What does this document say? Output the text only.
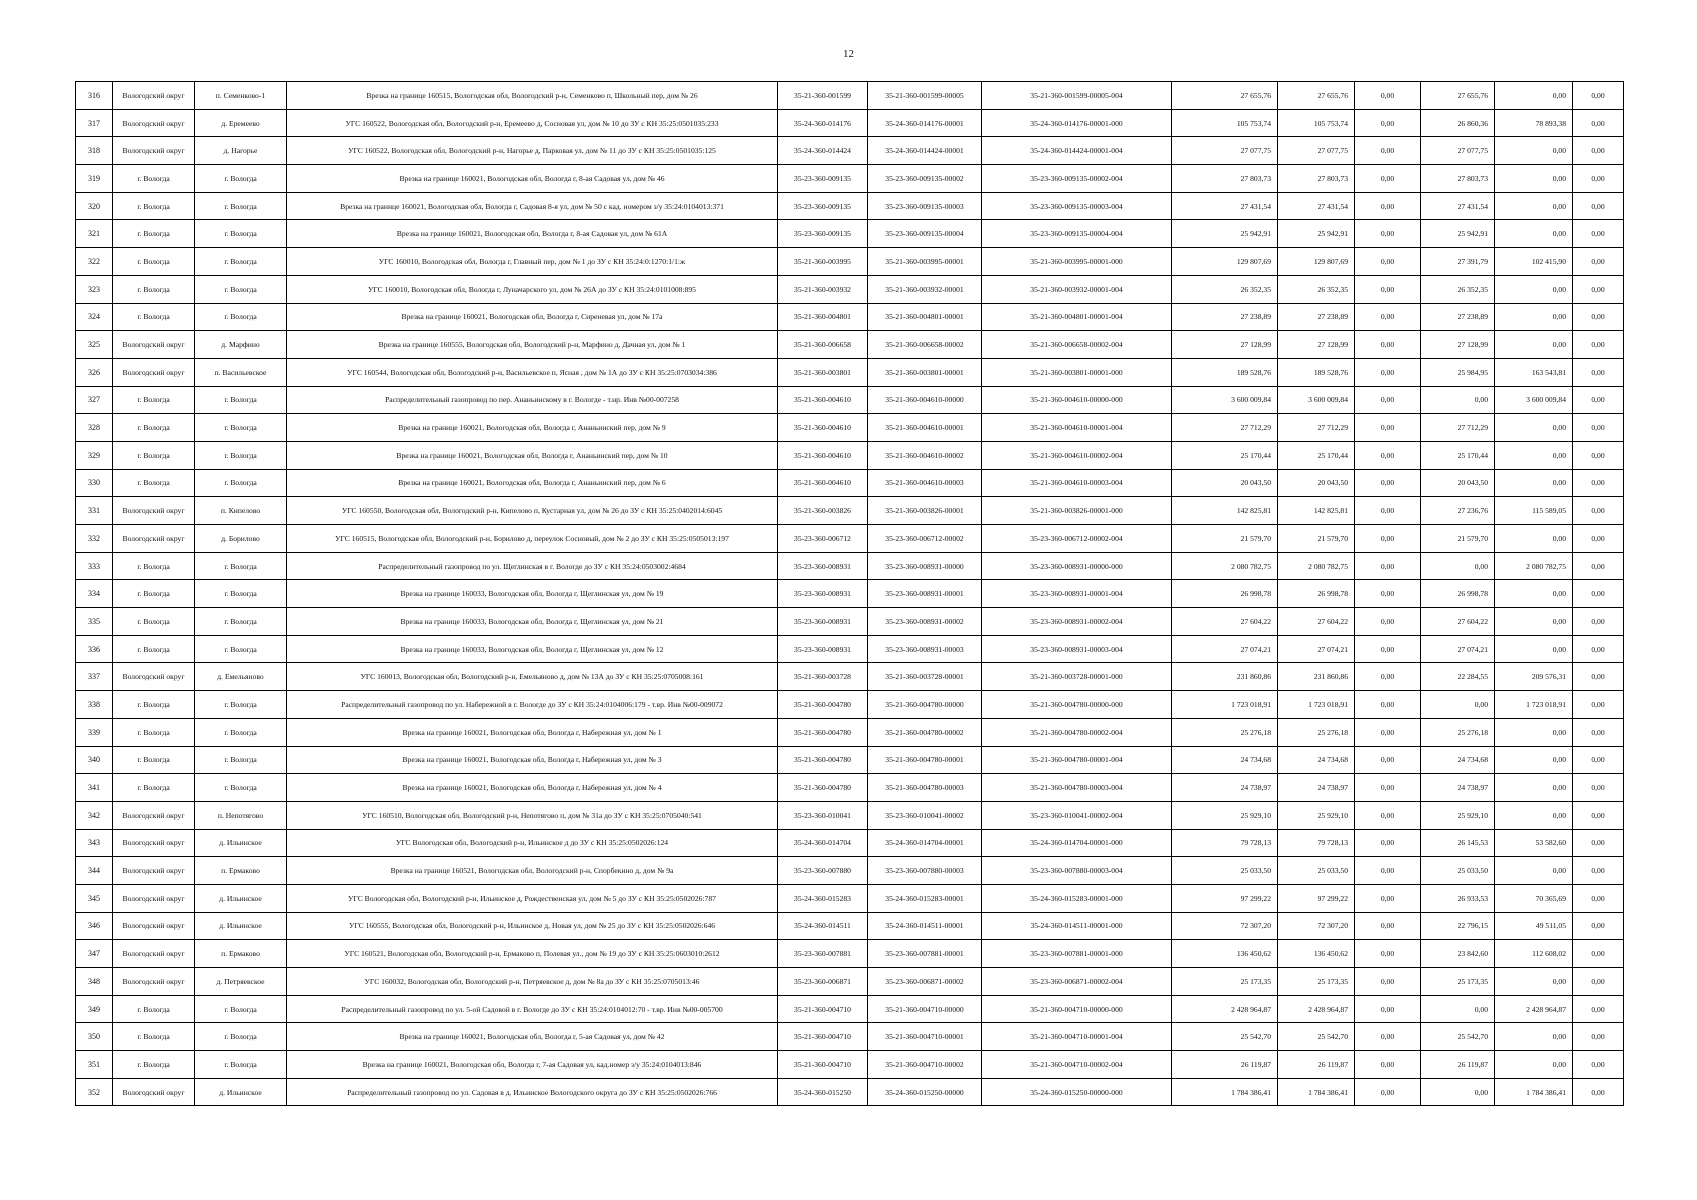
12
316	Вологодский округ	п. Семенково-1	Врезка на границе 160515, Вологодская обл, Вологодский р-н, Семенково п, Школьный пер, дом № 26	35-21-360-001599	35-21-360-001599-00005	35-21-360-001599-00005-004	27 655,76	27 655,76	0,00	27 655,76	0,00	0,00
317	Вологодский округ	д. Еремеево	УГС 160522, Вологодская обл, Вологодский р-н, Еремеево д, Сосновая ул, дом № 10 до ЗУ с КН 35:25:0501035:233	35-24-360-014176	35-24-360-014176-00001	35-24-360-014176-00001-000	105 753,74	105 753,74	0,00	26 860,36	78 893,38	0,00
318	Вологодский округ	д. Нагорье	УГС 160522, Вологодская обл, Вологодский р-н, Нагорье д, Парковая ул, дом № 11 до ЗУ с КН 35:25:0501035:125	35-24-360-014424	35-24-360-014424-00001	35-24-360-014424-00001-004	27 077,75	27 077,75	0,00	27 077,75	0,00	0,00
319	г. Вологда	г. Вологда	Врезка на границе 160021, Вологодская обл, Вологда г, 8-ая Садовая ул, дом № 46	35-23-360-009135	35-23-360-009135-00002	35-23-360-009135-00002-004	27 803,73	27 803,73	0,00	27 803,73	0,00	0,00
320	г. Вологда	г. Вологда	Врезка на границе 160021, Вологодская обл, Вологда г, Садовая 8-я ул, дом № 50 с кад. номером з/у 35:24:0104013:371	35-23-360-009135	35-23-360-009135-00003	35-23-360-009135-00003-004	27 431,54	27 431,54	0,00	27 431,54	0,00	0,00
321	г. Вологда	г. Вологда	Врезка на границе 160021, Вологодская обл, Вологда г, 8-ая Садовая ул, дом № 61А	35-23-360-009135	35-23-360-009135-00004	35-23-360-009135-00004-004	25 942,91	25 942,91	0,00	25 942,91	0,00	0,00
322	г. Вологда	г. Вологда	УГС 160010, Вологодская обл, Вологда г, Главный пер, дом № 1 до ЗУ с КН 35:24:0:1270:1/1:ж	35-21-360-003995	35-21-360-003995-00001	35-21-360-003995-00001-000	129 807,69	129 807,69	0,00	27 391,79	102 415,90	0,00
323	г. Вологда	г. Вологда	УГС 160010, Вологодская обл, Вологда г, Луначарского ул, дом № 26А до ЗУ с КН 35:24:0101008:895	35-21-360-003932	35-21-360-003932-00001	35-21-360-003932-00001-004	26 352,35	26 352,35	0,00	26 352,35	0,00	0,00
324	г. Вологда	г. Вологда	Врезка на границе 160021, Вологодская обл, Вологда г, Сиреневая ул, дом № 17а	35-21-360-004801	35-21-360-004801-00001	35-21-360-004801-00001-004	27 238,89	27 238,89	0,00	27 238,89	0,00	0,00
325	Вологодский округ	д. Марфино	Врезка на границе 160555, Вологодская обл, Вологодский р-н, Марфино д, Дачная ул, дом № 1	35-21-360-006658	35-21-360-006658-00002	35-21-360-006658-00002-004	27 128,99	27 128,99	0,00	27 128,99	0,00	0,00
326	Вологодский округ	п. Васильевское	УГС 160544, Вологодская обл, Вологодский р-н, Васильевское п, Ясная , дом № 1А до ЗУ с КН 35:25:0703034:386	35-21-360-003801	35-21-360-003801-00001	35-21-360-003801-00001-000	189 528,76	189 528,76	0,00	25 984,95	163 543,81	0,00
327	г. Вологда	г. Вологда	Распределительный газопровод по пер. Ананьинскому в г. Вологде - т.нр. Инв №00-007258	35-21-360-004610	35-21-360-004610-00000	35-21-360-004610-00000-000	3 600 009,84	3 600 009,84	0,00	0,00	3 600 009,84	0,00
328	г. Вологда	г. Вологда	Врезка на границе 160021, Вологодская обл, Вологда г, Ананьинский пер, дом № 9	35-21-360-004610	35-21-360-004610-00001	35-21-360-004610-00001-004	27 712,29	27 712,29	0,00	27 712,29	0,00	0,00
329	г. Вологда	г. Вологда	Врезка на границе 160021, Вологодская обл, Вологда г, Ананьинский пер, дом № 10	35-21-360-004610	35-21-360-004610-00002	35-21-360-004610-00002-004	25 170,44	25 170,44	0,00	25 170,44	0,00	0,00
330	г. Вологда	г. Вологда	Врезка на границе 160021, Вологодская обл, Вологда г, Ананьинский пер, дом № 6	35-21-360-004610	35-21-360-004610-00003	35-21-360-004610-00003-004	20 043,50	20 043,50	0,00	20 043,50	0,00	0,00
331	Вологодский округ	п. Кипелово	УГС 160550, Вологодская обл, Вологодский р-н, Кипелово п, Кустарная ул, дом № 26 до ЗУ с КН 35:25:0402014:6045	35-21-360-003826	35-21-360-003826-00001	35-21-360-003826-00001-000	142 825,81	142 825,81	0,00	27 236,76	115 589,05	0,00
332	Вологодский округ	д. Борилово	УГС 160515, Вологодская обл, Вологодский р-н, Борилово д, переулок Сосновый, дом № 2 до ЗУ с КН 35:25:0505013:197	35-23-360-006712	35-23-360-006712-00002	35-23-360-006712-00002-004	21 579,70	21 579,70	0,00	21 579,70	0,00	0,00
333	г. Вологда	г. Вологда	Распределительный газопровод по ул. Щеглинская в г. Вологде до ЗУ с КН 35:24:0503002:4684	35-23-360-008931	35-23-360-008931-00000	35-23-360-008931-00000-000	2 080 782,75	2 080 782,75	0,00	0,00	2 080 782,75	0,00
334	г. Вологда	г. Вологда	Врезка на границе 160033, Вологодская обл, Вологда г, Щеглинская ул, дом № 19	35-23-360-008931	35-23-360-008931-00001	35-23-360-008931-00001-004	26 998,78	26 998,78	0,00	26 998,78	0,00	0,00
335	г. Вологда	г. Вологда	Врезка на границе 160033, Вологодская обл, Вологда г, Щеглинская ул, дом № 21	35-23-360-008931	35-23-360-008931-00002	35-23-360-008931-00002-004	27 604,22	27 604,22	0,00	27 604,22	0,00	0,00
336	г. Вологда	г. Вологда	Врезка на границе 160033, Вологодская обл, Вологда г, Щеглинская ул, дом № 12	35-23-360-008931	35-23-360-008931-00003	35-23-360-008931-00003-004	27 074,21	27 074,21	0,00	27 074,21	0,00	0,00
337	Вологодский округ	д. Емельяново	УГС 160013, Вологодская обл, Вологодский р-н, Емельяново д, дом № 13А до ЗУ с КН 35:25:0705008:161	35-21-360-003728	35-21-360-003728-00001	35-21-360-003728-00001-000	231 860,86	231 860,86	0,00	22 284,55	209 576,31	0,00
338	г. Вологда	г. Вологда	Распределительный газопровод по ул. Набережной в г. Вологде до ЗУ с КН 35:24:0104006:179 - т.вр. Инв №00-009072	35-21-360-004780	35-21-360-004780-00000	35-21-360-004780-00000-000	1 723 018,91	1 723 018,91	0,00	0,00	1 723 018,91	0,00
339	г. Вологда	г. Вологда	Врезка на границе 160021, Вологодская обл, Вологда г, Набережная ул, дом № 1	35-21-360-004780	35-21-360-004780-00002	35-21-360-004780-00002-004	25 276,18	25 276,18	0,00	25 276,18	0,00	0,00
340	г. Вологда	г. Вологда	Врезка на границе 160021, Вологодская обл, Вологда г, Набережная ул, дом № 3	35-21-360-004780	35-21-360-004780-00001	35-21-360-004780-00001-004	24 734,68	24 734,68	0,00	24 734,68	0,00	0,00
341	г. Вологда	г. Вологда	Врезка на границе 160021, Вологодская обл, Вологда г, Набережная ул, дом № 4	35-21-360-004780	35-21-360-004780-00003	35-21-360-004780-00003-004	24 738,97	24 738,97	0,00	24 738,97	0,00	0,00
342	Вологодский округ	п. Непотягово	УГС 160510, Вологодская обл, Вологодский р-н, Непотягово п, дом № 31а до ЗУ с КН 35:25:0705040:541	35-23-360-010041	35-23-360-010041-00002	35-23-360-010041-00002-004	25 929,10	25 929,10	0,00	25 929,10	0,00	0,00
343	Вологодский округ	д. Ильинское	УГС Вологодская обл, Вологодский р-н, Ильинское д до ЗУ с КН 35:25:0502026:124	35-24-360-014704	35-24-360-014704-00001	35-24-360-014704-00001-000	79 728,13	79 728,13	0,00	26 145,53	53 582,60	0,00
344	Вологодский округ	п. Ермаково	Врезка на границе 160521, Вологодская обл, Вологодский р-н, Спорбекино д, дом № 9а	35-23-360-007880	35-23-360-007880-00003	35-23-360-007880-00003-004	25 033,50	25 033,50	0,00	25 033,50	0,00	0,00
345	Вологодский округ	д. Ильинское	УГС Вологодская обл, Вологодский р-н, Ильинское д, Рождественская ул, дом № 5 до ЗУ с КН 35:25:0502026:787	35-24-360-015283	35-24-360-015283-00001	35-24-360-015283-00001-000	97 299,22	97 299,22	0,00	26 933,53	70 365,69	0,00
346	Вологодский округ	д. Ильинское	УГС 160555, Вологодская обл, Вологодский р-н, Ильинское д, Новая ул, дом № 25 до ЗУ с КН 35:25:0502026:646	35-24-360-014511	35-24-360-014511-00001	35-24-360-014511-00001-000	72 307,20	72 307,20	0,00	22 796,15	49 511,05	0,00
347	Вологодский округ	п. Ермаково	УГС 160521, Вологодская обл, Вологодский р-н, Ермаково п, Полевая ул., дом № 19 до ЗУ с КН 35:25:0603010:2612	35-23-360-007881	35-23-360-007881-00001	35-23-360-007881-00001-000	136 450,62	136 450,62	0,00	23 842,60	112 608,02	0,00
348	Вологодский округ	д. Петряевское	УГС 160032, Вологодская обл, Вологодский р-н, Петряевское д, дом № 8а до ЗУ с КН 35:25:0705013:46	35-23-360-006871	35-23-360-006871-00002	35-23-360-006871-00002-004	25 173,35	25 173,35	0,00	25 173,35	0,00	0,00
349	г. Вологда	г. Вологда	Распределительный газопровод по ул. 5-ой Садовой в г. Вологде до ЗУ с КН 35:24:0104012:70 - т.вр. Инв №00-005700	35-21-360-004710	35-21-360-004710-00000	35-21-360-004710-00000-000	2 428 964,87	2 428 964,87	0,00	0,00	2 428 964,87	0,00
350	г. Вологда	г. Вологда	Врезка на границе 160021, Вологодская обл, Вологда г, 5-ая Садовая ул, дом № 42	35-21-360-004710	35-21-360-004710-00001	35-21-360-004710-00001-004	25 542,70	25 542,70	0,00	25 542,70	0,00	0,00
351	г. Вологда	г. Вологда	Врезка на границе 160021, Вологодская обл, Вологда г, 7-ая Садовая ул, кад.номер з/у 35:24:0104013:846	35-21-360-004710	35-21-360-004710-00002	35-21-360-004710-00002-004	26 119,87	26 119,87	0,00	26 119,87	0,00	0,00
352	Вологодский округ	д. Ильинское	Распределительный газопровод по ул. Садовая в д. Ильинское Вологодского округа до ЗУ с КН 35:25:0502026:766	35-24-360-015250	35-24-360-015250-00000	35-24-360-015250-00000-000	1 784 386,41	1 784 386,41	0,00	0,00	1 784 386,41	0,00
